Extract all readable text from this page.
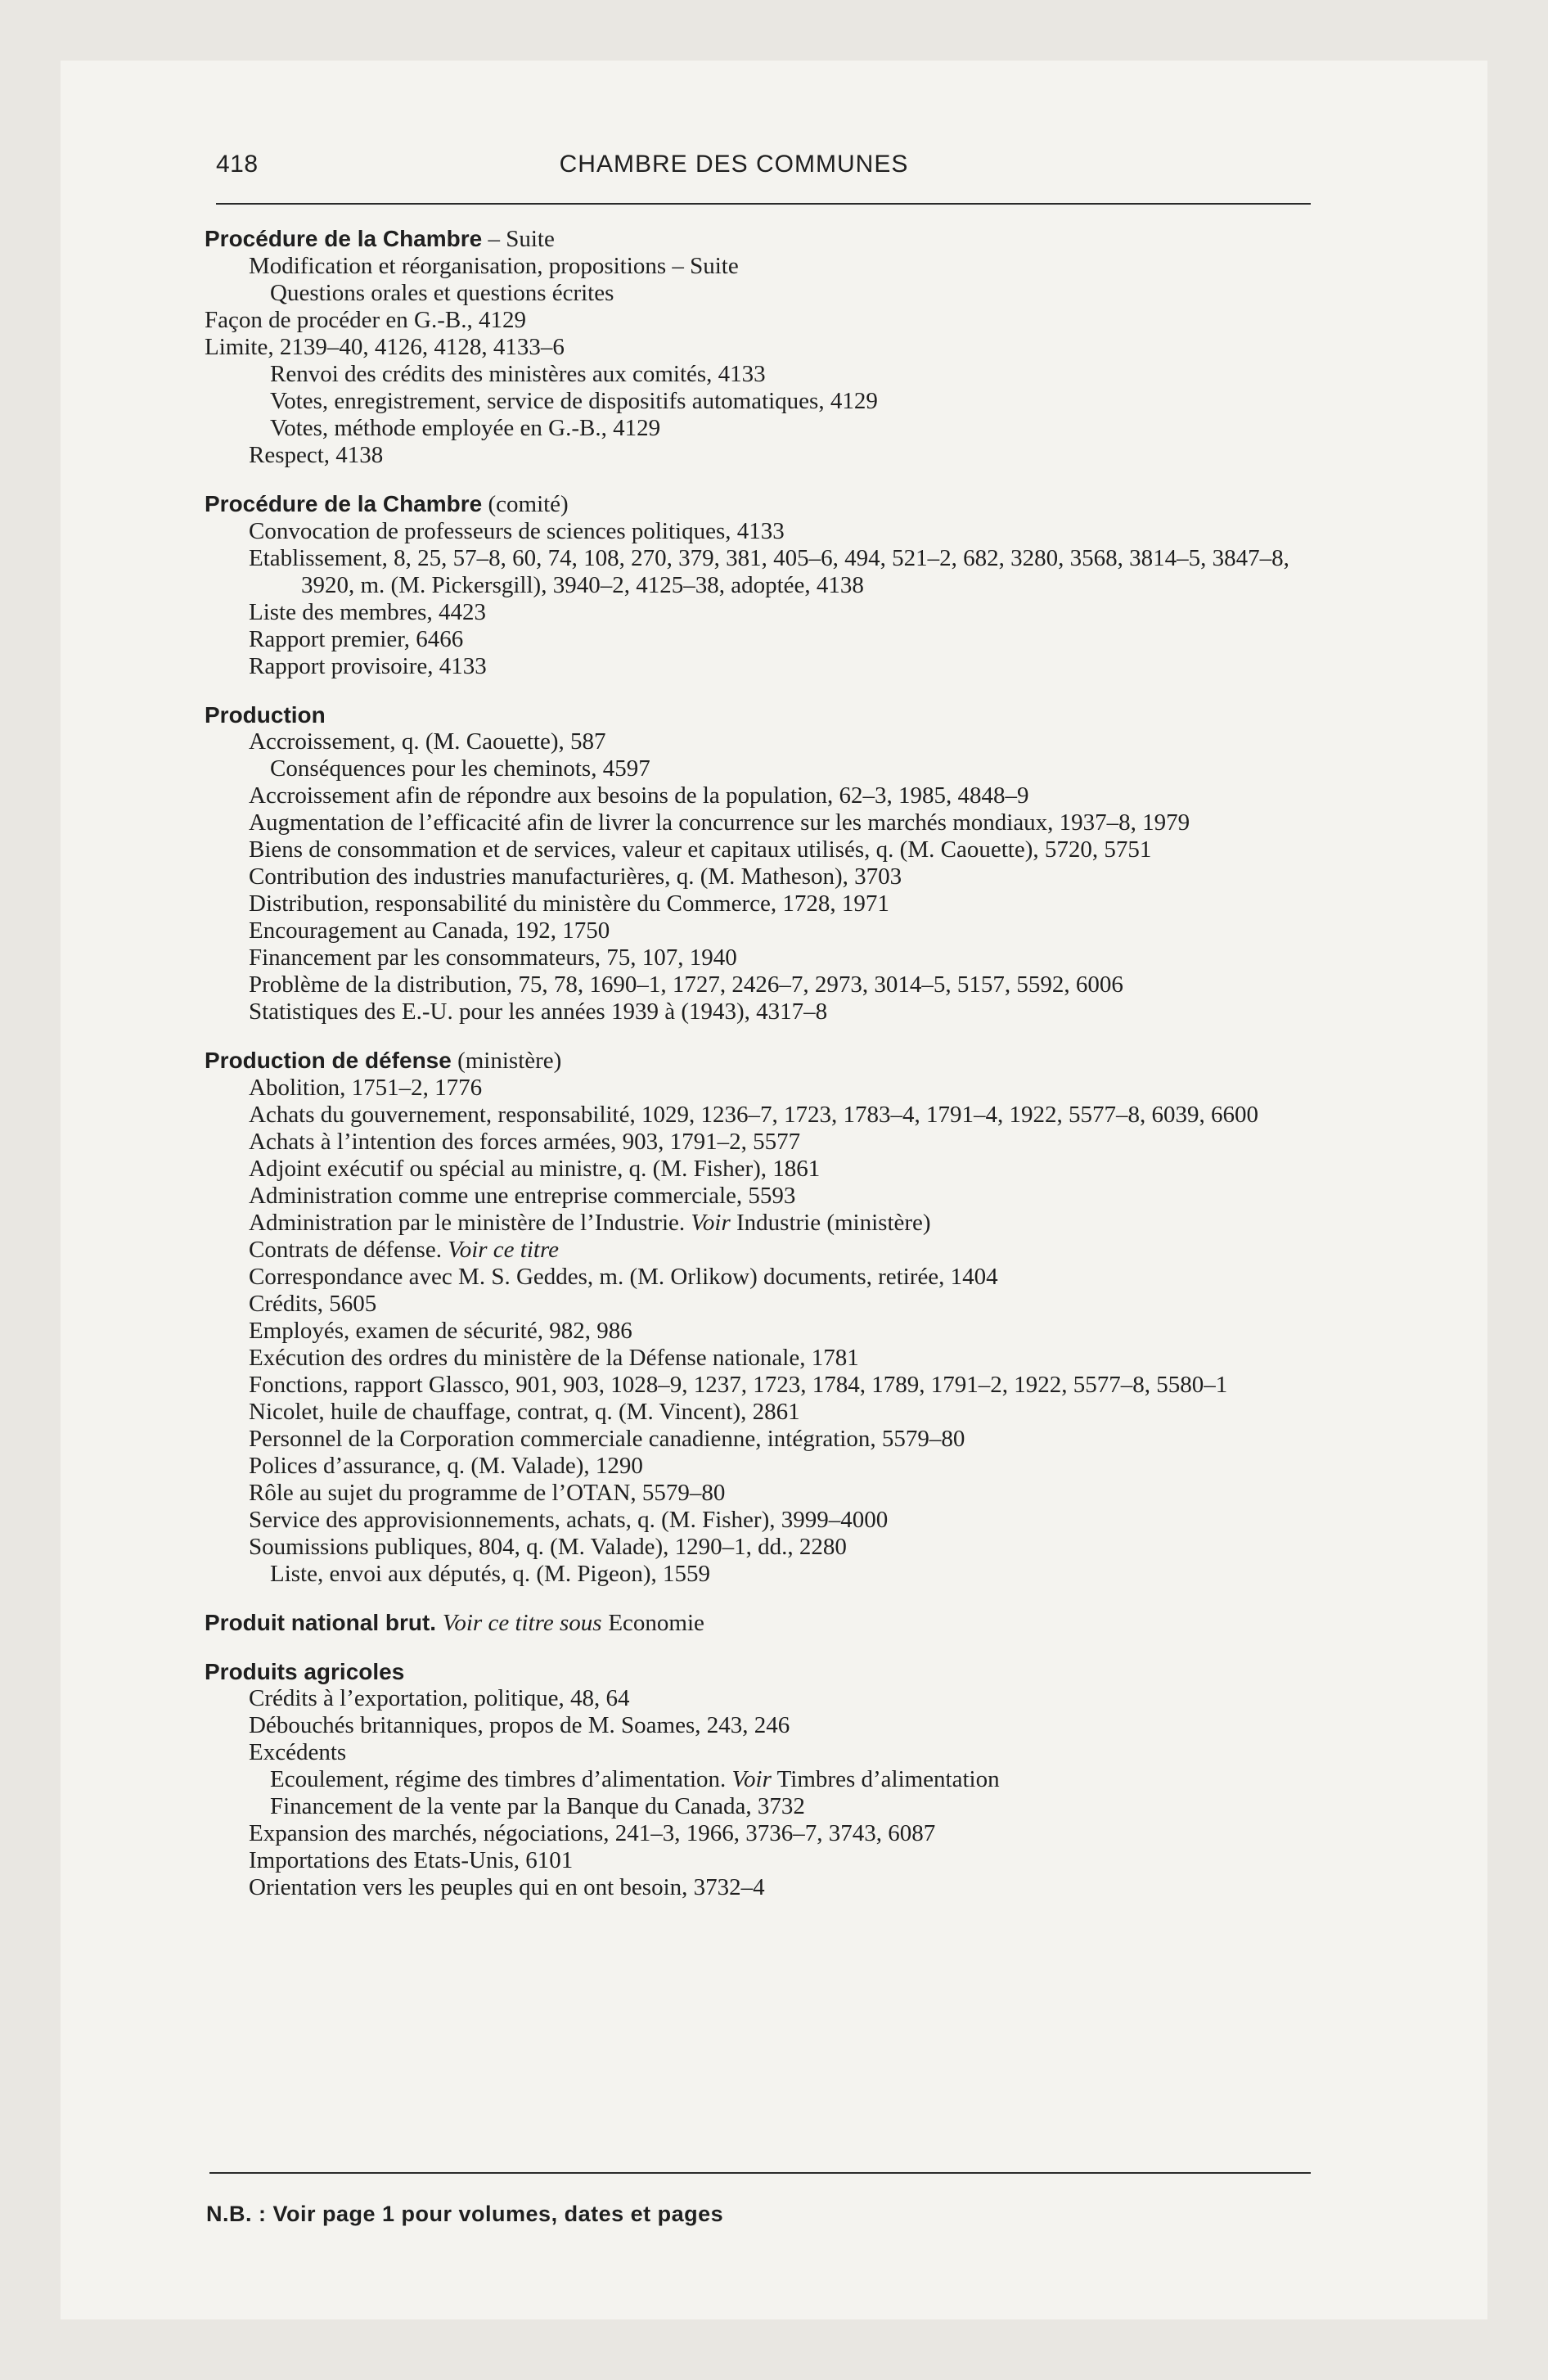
418	CHAMBRE DES COMMUNES
Procédure de la Chambre – Suite
Modification et réorganisation, propositions – Suite
Questions orales et questions écrites
Façon de procéder en G.-B., 4129
Limite, 2139–40, 4126, 4128, 4133–6
Renvoi des crédits des ministères aux comités, 4133
Votes, enregistrement, service de dispositifs automatiques, 4129
Votes, méthode employée en G.-B., 4129
Respect, 4138
Procédure de la Chambre (comité)
Convocation de professeurs de sciences politiques, 4133
Etablissement, 8, 25, 57–8, 60, 74, 108, 270, 379, 381, 405–6, 494, 521–2, 682, 3280, 3568, 3814–5, 3847–8, 3920, m. (M. Pickersgill), 3940–2, 4125–38, adoptée, 4138
Liste des membres, 4423
Rapport premier, 6466
Rapport provisoire, 4133
Production
Accroissement, q. (M. Caouette), 587
Conséquences pour les cheminots, 4597
Accroissement afin de répondre aux besoins de la population, 62–3, 1985, 4848–9
Augmentation de l’efficacité afin de livrer la concurrence sur les marchés mondiaux, 1937–8, 1979
Biens de consommation et de services, valeur et capitaux utilisés, q. (M. Caouette), 5720, 5751
Contribution des industries manufacturières, q. (M. Matheson), 3703
Distribution, responsabilité du ministère du Commerce, 1728, 1971
Encouragement au Canada, 192, 1750
Financement par les consommateurs, 75, 107, 1940
Problème de la distribution, 75, 78, 1690–1, 1727, 2426–7, 2973, 3014–5, 5157, 5592, 6006
Statistiques des E.-U. pour les années 1939 à (1943), 4317–8
Production de défense (ministère)
Abolition, 1751–2, 1776
Achats du gouvernement, responsabilité, 1029, 1236–7, 1723, 1783–4, 1791–4, 1922, 5577–8, 6039, 6600
Achats à l’intention des forces armées, 903, 1791–2, 5577
Adjoint exécutif ou spécial au ministre, q. (M. Fisher), 1861
Administration comme une entreprise commerciale, 5593
Administration par le ministère de l’Industrie. Voir Industrie (ministère)
Contrats de défense. Voir ce titre
Correspondance avec M. S. Geddes, m. (M. Orlikow) documents, retirée, 1404
Crédits, 5605
Employés, examen de sécurité, 982, 986
Exécution des ordres du ministère de la Défense nationale, 1781
Fonctions, rapport Glassco, 901, 903, 1028–9, 1237, 1723, 1784, 1789, 1791–2, 1922, 5577–8, 5580–1
Nicolet, huile de chauffage, contrat, q. (M. Vincent), 2861
Personnel de la Corporation commerciale canadienne, intégration, 5579–80
Polices d’assurance, q. (M. Valade), 1290
Rôle au sujet du programme de l’OTAN, 5579–80
Service des approvisionnements, achats, q. (M. Fisher), 3999–4000
Soumissions publiques, 804, q. (M. Valade), 1290–1, dd., 2280
Liste, envoi aux députés, q. (M. Pigeon), 1559
Produit national brut. Voir ce titre sous Economie
Produits agricoles
Crédits à l’exportation, politique, 48, 64
Débouchés britanniques, propos de M. Soames, 243, 246
Excédents
Ecoulement, régime des timbres d’alimentation. Voir Timbres d’alimentation
Financement de la vente par la Banque du Canada, 3732
Expansion des marchés, négociations, 241–3, 1966, 3736–7, 3743, 6087
Importations des Etats-Unis, 6101
Orientation vers les peuples qui en ont besoin, 3732–4
N.B. : Voir page 1 pour volumes, dates et pages
